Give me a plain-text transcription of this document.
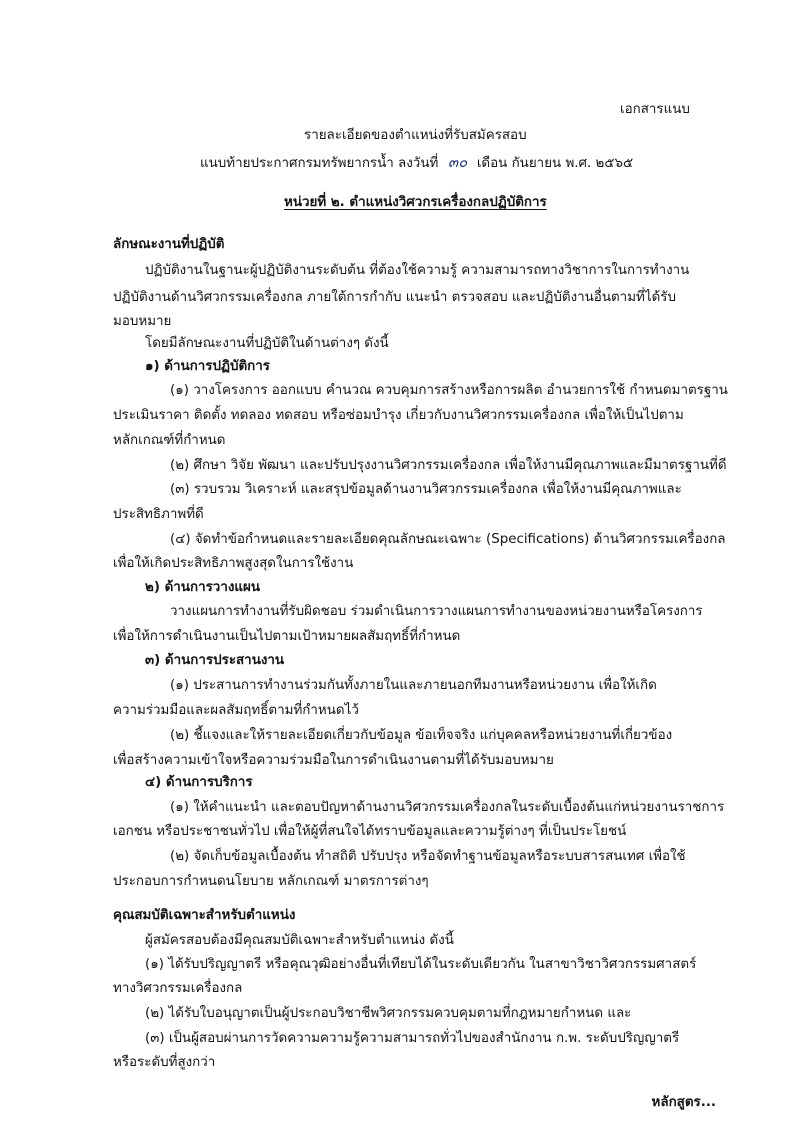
เอกสารแนบ
รายละเอียดของตำแหน่งที่รับสมัครสอบ
แนบท้ายประกาศกรมทรัพยากรน้ำ ลงวันที่ ๓๐ เดือน กันยายน พ.ศ. ๒๕๖๕
หน่วยที่ ๒. ตำแหน่งวิศวกรเครื่องกลปฏิบัติการ
ลักษณะงานที่ปฏิบัติ
ปฏิบัติงานในฐานะผู้ปฏิบัติงานระดับต้น ที่ต้องใช้ความรู้ ความสามารถทางวิชาการในการทำงาน
ปฏิบัติงานด้านวิศวกรรมเครื่องกล ภายใต้การกำกับ แนะนำ ตรวจสอบ และปฏิบัติงานอื่นตามที่ได้รับ
มอบหมาย
โดยมีลักษณะงานที่ปฏิบัติในด้านต่างๆ ดังนี้
๑) ด้านการปฏิบัติการ
(๑) วางโครงการ ออกแบบ คำนวณ ควบคุมการสร้างหรือการผลิต อำนวยการใช้ กำหนดมาตรฐาน
ประเมินราคา ติดตั้ง ทดลอง ทดสอบ หรือซ่อมบำรุง เกี่ยวกับงานวิศวกรรมเครื่องกล เพื่อให้เป็นไปตาม
หลักเกณฑ์ที่กำหนด
(๒) ศึกษา วิจัย พัฒนา และปรับปรุงงานวิศวกรรมเครื่องกล เพื่อให้งานมีคุณภาพและมีมาตรฐานที่ดี
(๓) รวบรวม วิเคราะห์ และสรุปข้อมูลด้านงานวิศวกรรมเครื่องกล เพื่อให้งานมีคุณภาพและ
ประสิทธิภาพที่ดี
(๔) จัดทำข้อกำหนดและรายละเอียดคุณลักษณะเฉพาะ (Specifications) ด้านวิศวกรรมเครื่องกล
เพื่อให้เกิดประสิทธิภาพสูงสุดในการใช้งาน
๒) ด้านการวางแผน
วางแผนการทำงานที่รับผิดชอบ ร่วมดำเนินการวางแผนการทำงานของหน่วยงานหรือโครงการ
เพื่อให้การดำเนินงานเป็นไปตามเป้าหมายผลสัมฤทธิ์ที่กำหนด
๓) ด้านการประสานงาน
(๑) ประสานการทำงานร่วมกันทั้งภายในและภายนอกทีมงานหรือหน่วยงาน เพื่อให้เกิด
ความร่วมมือและผลสัมฤทธิ์ตามที่กำหนดไว้
(๒) ชี้แจงและให้รายละเอียดเกี่ยวกับข้อมูล ข้อเท็จจริง แก่บุคคลหรือหน่วยงานที่เกี่ยวข้อง
เพื่อสร้างความเข้าใจหรือความร่วมมือในการดำเนินงานตามที่ได้รับมอบหมาย
๔) ด้านการบริการ
(๑) ให้คำแนะนำ และตอบปัญหาด้านงานวิศวกรรมเครื่องกลในระดับเบื้องต้นแก่หน่วยงานราชการ
เอกชน หรือประชาชนทั่วไป เพื่อให้ผู้ที่สนใจได้ทราบข้อมูลและความรู้ต่างๆ ที่เป็นประโยชน์
(๒) จัดเก็บข้อมูลเบื้องต้น ทำสถิติ ปรับปรุง หรือจัดทำฐานข้อมูลหรือระบบสารสนเทศ เพื่อใช้
ประกอบการกำหนดนโยบาย หลักเกณฑ์ มาตรการต่างๆ
คุณสมบัติเฉพาะสำหรับตำแหน่ง
ผู้สมัครสอบต้องมีคุณสมบัติเฉพาะสำหรับตำแหน่ง ดังนี้
(๑) ได้รับปริญญาตรี หรือคุณวุฒิอย่างอื่นที่เทียบได้ในระดับเดียวกัน ในสาขาวิชาวิศวกรรมศาสตร์
ทางวิศวกรรมเครื่องกล
(๒) ได้รับใบอนุญาตเป็นผู้ประกอบวิชาชีพวิศวกรรมควบคุมตามที่กฎหมายกำหนด และ
(๓) เป็นผู้สอบผ่านการวัดความความรู้ความสามารถทั่วไปของสำนักงาน ก.พ. ระดับปริญญาตรี
หรือระดับที่สูงกว่า
หลักสูตร...
